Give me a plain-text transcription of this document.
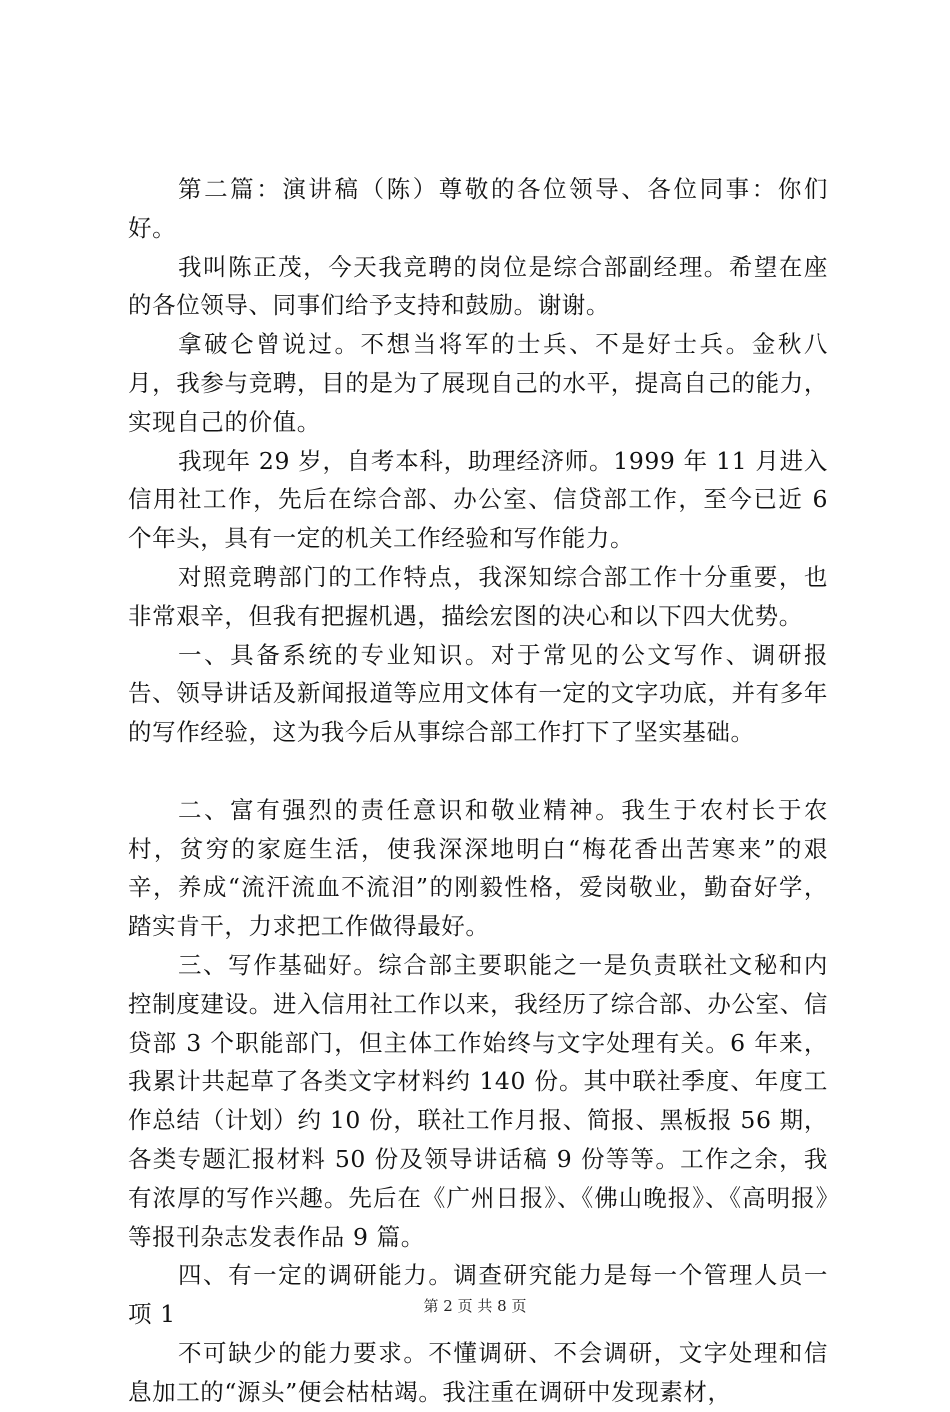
第二篇：演讲稿（陈）尊敬的各位领导、各位同事：你们好。

我叫陈正茂，今天我竞聘的岗位是综合部副经理。希望在座的各位领导、同事们给予支持和鼓励。谢谢。

拿破仑曾说过。不想当将军的士兵、不是好士兵。金秋八月，我参与竞聘，目的是为了展现自己的水平，提高自己的能力，实现自己的价值。

我现年 29 岁，自考本科，助理经济师。1999 年 11 月进入信用社工作，先后在综合部、办公室、信贷部工作，至今已近 6 个年头，具有一定的机关工作经验和写作能力。

对照竞聘部门的工作特点，我深知综合部工作十分重要，也非常艰辛，但我有把握机遇，描绘宏图的决心和以下四大优势。

一、具备系统的专业知识。对于常见的公文写作、调研报告、领导讲话及新闻报道等应用文体有一定的文字功底，并有多年的写作经验，这为我今后从事综合部工作打下了坚实基础。

二、富有强烈的责任意识和敬业精神。我生于农村长于农村，贫穷的家庭生活，使我深深地明白“梅花香出苦寒来”的艰辛，养成“流汗流血不流泪”的刚毅性格，爱岗敬业，勤奋好学，踏实肯干，力求把工作做得最好。

三、写作基础好。综合部主要职能之一是负责联社文秘和内控制度建设。进入信用社工作以来，我经历了综合部、办公室、信贷部 3 个职能部门，但主体工作始终与文字处理有关。6 年来，我累计共起草了各类文字材料约 140 份。其中联社季度、年度工作总结（计划）约 10 份，联社工作月报、简报、黑板报 56 期，各类专题汇报材料 50 份及领导讲话稿 9 份等等。工作之余，我有浓厚的写作兴趣。先后在《广州日报》、《佛山晚报》、《高明报》等报刊杂志发表作品 9 篇。

四、有一定的调研能力。调查研究能力是每一个管理人员一项 1

不可缺少的能力要求。不懂调研、不会调研，文字处理和信息加工的“源头”便会枯枯竭。我注重在调研中发现素材，

第 2 页 共 8 页
